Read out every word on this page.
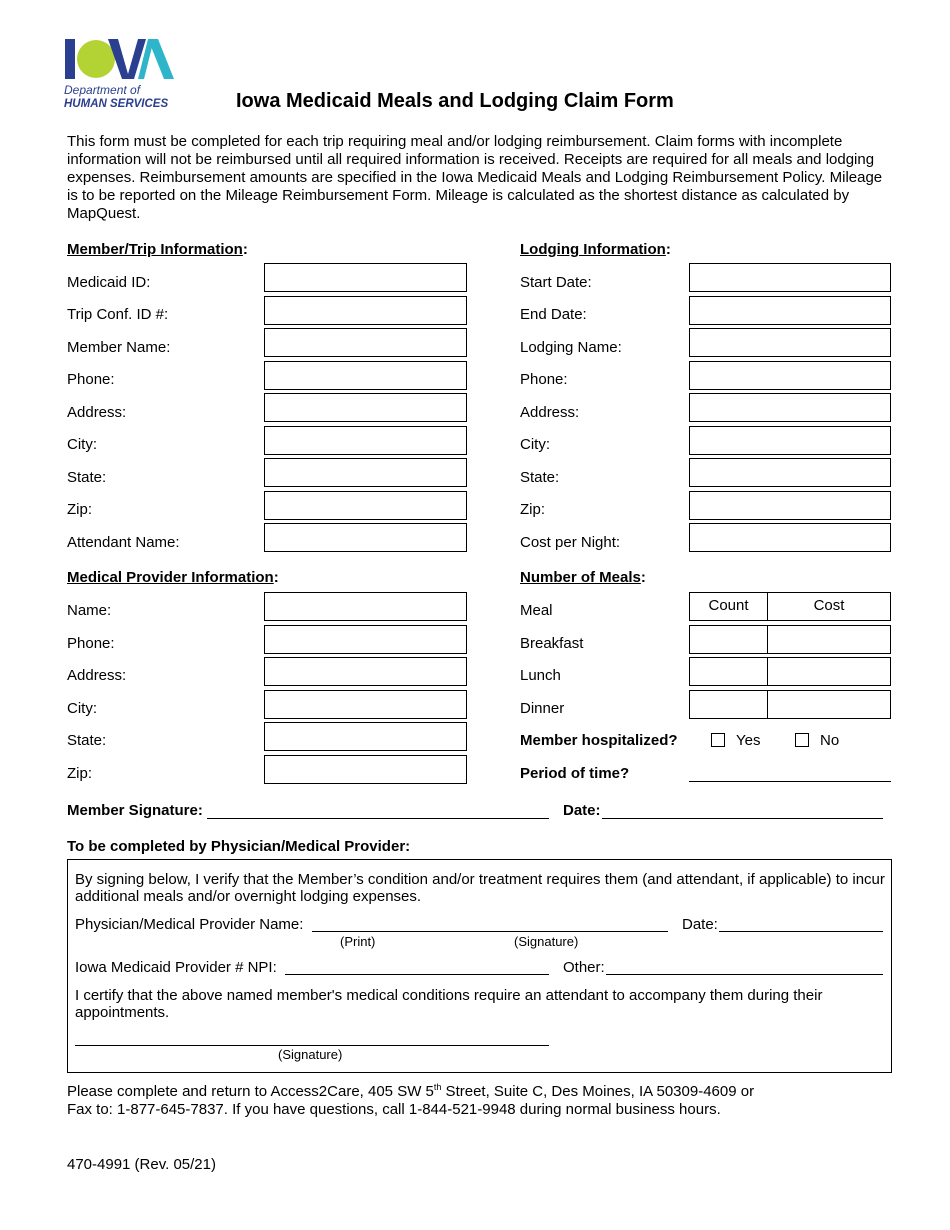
Department of
HUMAN SERVICES	Iowa Medicaid Meals and Lodging Claim Form
This form must be completed for each trip requiring meal and/or lodging reimbursement. Claim forms with incomplete information will not be reimbursed until all required information is received. Receipts are required for all meals and lodging expenses. Reimbursement amounts are specified in the Iowa Medicaid Meals and Lodging Reimbursement Policy. Mileage is to be reported on the Mileage Reimbursement Form. Mileage is calculated as the shortest distance as calculated by MapQuest.
Member/Trip Information:	Lodging Information:
Medical Provider Information:	Number of Meals:
Medicaid ID:
Trip Conf. ID #:
Member Name:
Phone:
Address:
City:
State:
Zip:
Attendant Name:
Start Date:
End Date:
Lodging Name:
Phone:
Address:
City:
State:
Zip:
Cost per Night:
Name:
Phone:
Address:
City:
State:
Zip:
Meal	Count	Cost
Breakfast
Lunch
Dinner
Member hospitalized?	Yes	No
Period of time?
Member Signature:	Date:
To be completed by Physician/Medical Provider:
By signing below, I verify that the Member’s condition and/or treatment requires them (and attendant, if applicable) to incur additional meals and/or overnight lodging expenses.
Physician/Medical Provider Name:
(Print)	(Signature)
Date:
Iowa Medicaid Provider # NPI:	Other:
I certify that the above named member's medical conditions require an attendant to accompany them during their appointments.
(Signature)
Please complete and return to Access2Care, 405 SW 5th Street, Suite C, Des Moines, IA 50309-4609 or
Fax to: 1-877-645-7837. If you have questions, call 1-844-521-9948 during normal business hours.
470-4991 (Rev. 05/21)
